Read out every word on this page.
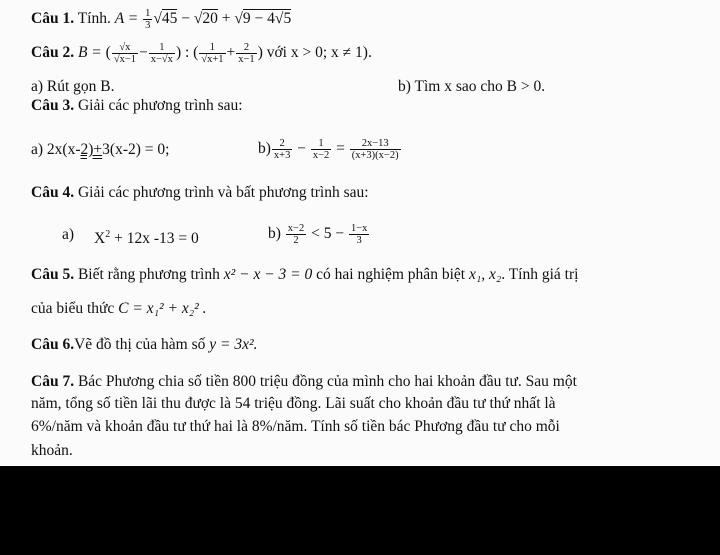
Câu 1. Tính. $A = \frac{1}{3} √45 - √20 + √9 - 4√5$
Câu 2. B = ( $\frac{√x}{√x-1} - \frac{1}{x-√x}$ ) : ( $\frac{1}{√x+1} + \frac{2}{x-1}$ ) với x > 0; x ≠ 1).
a) Rút gọn B.	b) Tìm x sao cho B > 0.
Câu 3. Giải các phương trình sau:
a) 2x(x-2)+3(x-2) = 0;	$b) \frac{2}{x+3} - \frac{1}{x-2} = \frac{2x-13}{(x+3)(x-2)}$
Câu 4. Giải các phương trình và bất phương trình sau:
a) $X^2 + 12x$ -13 = 0	$b) \frac{x-2}{2} < 5 - \frac{1-x}{3}$
Câu 5. Biết rằng phương trình x² − x − 3 = 0 có hai nghiệm phân biệt x₁, x₂. Tính giá trị
của biểu thức C = x₁² + x₂² .
Câu 6.Vẽ đồ thị của hàm số y = 3x².
Câu 7. Bác Phương chia số tiền 800 triệu đồng của mình cho hai khoản đầu tư. Sau một
năm, tổng số tiền lãi thu được là 54 triệu đồng. Lãi suất cho khoản đầu tư thứ nhất là
6%/năm và khoản đầu tư thứ hai là 8%/năm. Tính số tiền bác Phương đầu tư cho mỗi
khoản.
